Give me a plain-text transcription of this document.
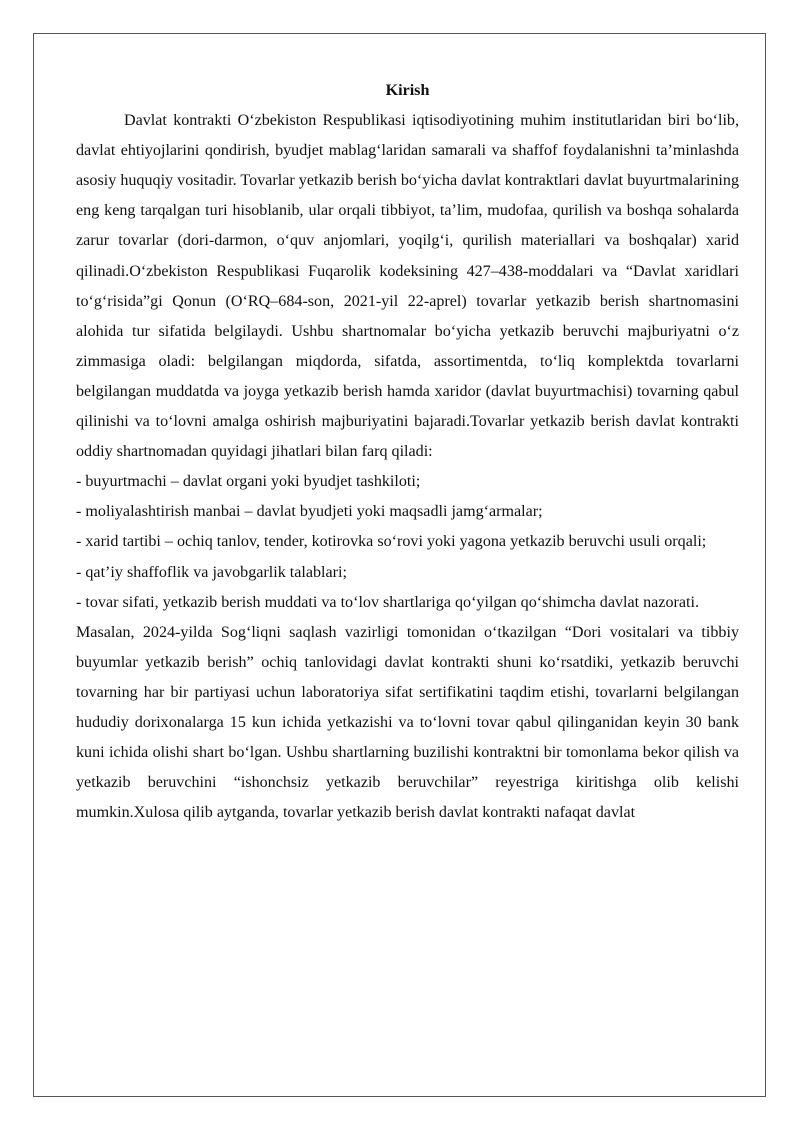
Kirish

Davlat kontrakti O‘zbekiston Respublikasi iqtisodiyotining muhim institutlaridan biri bo‘lib, davlat ehtiyojlarini qondirish, byudjet mablag‘laridan samarali va shaffof foydalanishni ta’minlashda asosiy huquqiy vositadir. Tovarlar yetkazib berish bo‘yicha davlat kontraktlari davlat buyurtmalarining eng keng tarqalgan turi hisoblanib, ular orqali tibbiyot, ta’lim, mudofaa, qurilish va boshqa sohalarda zarur tovarlar (dori-darmon, o‘quv anjomlari, yoqilg‘i, qurilish materiallari va boshqalar) xarid qilinadi.O‘zbekiston Respublikasi Fuqarolik kodeksining 427–438-moddalari va “Davlat xaridlari to‘g‘risida”gi Qonun (O‘RQ–684-son, 2021-yil 22-aprel) tovarlar yetkazib berish shartnomasini alohida tur sifatida belgilaydi. Ushbu shartnomalar bo‘yicha yetkazib beruvchi majburiyatni o‘z zimmasiga oladi: belgilangan miqdorda, sifatda, assortimentda, to‘liq komplektda tovarlarni belgilangan muddatda va joyga yetkazib berish hamda xaridor (davlat buyurtmachisi) tovarning qabul qilinishi va to‘lovni amalga oshirish majburiyatini bajaradi.Tovarlar yetkazib berish davlat kontrakti oddiy shartnomadan quyidagi jihatlari bilan farq qiladi:

- buyurtmachi – davlat organi yoki byudjet tashkiloti;

- moliyalashtirish manbai – davlat byudjeti yoki maqsadli jamg‘armalar;

- xarid tartibi – ochiq tanlov, tender, kotirovka so‘rovi yoki yagona yetkazib beruvchi usuli orqali;

- qat’iy shaffoflik va javobgarlik talablari;

- tovar sifati, yetkazib berish muddati va to‘lov shartlariga qo‘yilgan qo‘shimcha davlat nazorati.

Masalan, 2024-yilda Sog‘liqni saqlash vazirligi tomonidan o‘tkazilgan “Dori vositalari va tibbiy buyumlar yetkazib berish” ochiq tanlovidagi davlat kontrakti shuni ko‘rsatdiki, yetkazib beruvchi tovarning har bir partiyasi uchun laboratoriya sifat sertifikatini taqdim etishi, tovarlarni belgilangan hududiy dorixonalarga 15 kun ichida yetkazishi va to‘lovni tovar qabul qilinganidan keyin 30 bank kuni ichida olishi shart bo‘lgan. Ushbu shartlarning buzilishi kontraktni bir tomonlama bekor qilish va yetkazib beruvchini “ishonchsiz yetkazib beruvchilar” reyestriga kiritishga olib kelishi mumkin.Xulosa qilib aytganda, tovarlar yetkazib berish davlat kontrakti nafaqat davlat
